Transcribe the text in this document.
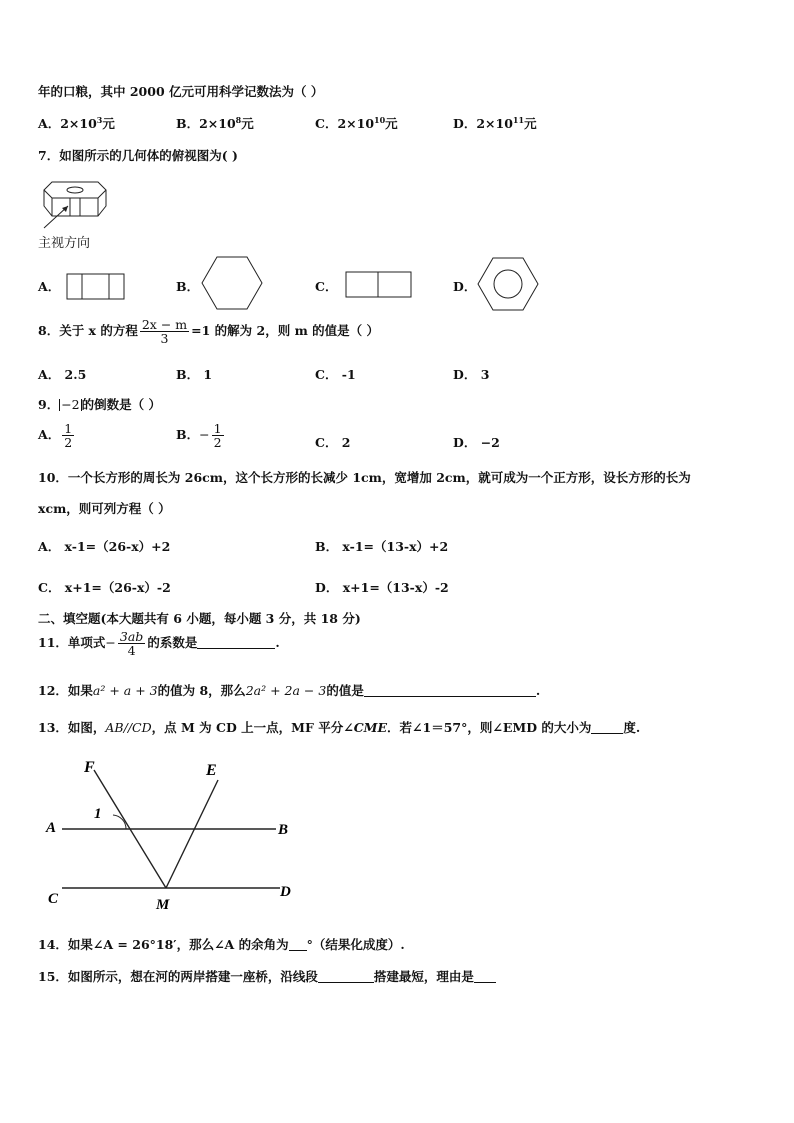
年的口粮，其中 2000 亿元可用科学记数法为（ ）
A．$2\times 10^3$元	B．$2\times 10^8$元	C．$2\times 10^{10}$元	D．$2\times 10^{11}$元
7．如图所示的几何体的俯视图为( )
主视方向
A．	B．	C．	D．
8．关于 x 的方程 $\frac{2x - m}{3} =1$ 的解为 2，则 m 的值是（ ）
A． 2.5	B． 1	C． -1	D． 3
9． −2 的倒数是（ ）
A． $\frac{1}{2}$	B．− $\frac{1}{2}$	C． 2	D． −2
10．一个长方形的周长为 26cm，这个长方形的长减少 1cm，宽增加 2cm，就可成为一个正方形，设长方形的长为
xcm，则可列方程（ ）
A． x-1=（26-x）+2	B． x-1=（13-x）+2
C． x+1=（26-x）-2	D． x+1=（13-x）-2
二、填空题(本大题共有 6 小题，每小题 3 分，共 18 分)
11．单项式− $\frac{3ab}{4}$ 的系数是	.
12．如果a² + a + 3的值为 8，那么2a² + 2a − 3的值是	.
13．如图，AB//CD，点 M 为 CD 上一点，MF 平分∠CME．若∠1＝57°，则∠EMD 的大小为	度.
F	E
A	B
C	D
M
1
14．如果∠A = 26°18′，那么∠A 的余角为 °（结果化成度）.
15．如图所示，想在河的两岸搭建一座桥，沿线段	搭建最短，理由是
